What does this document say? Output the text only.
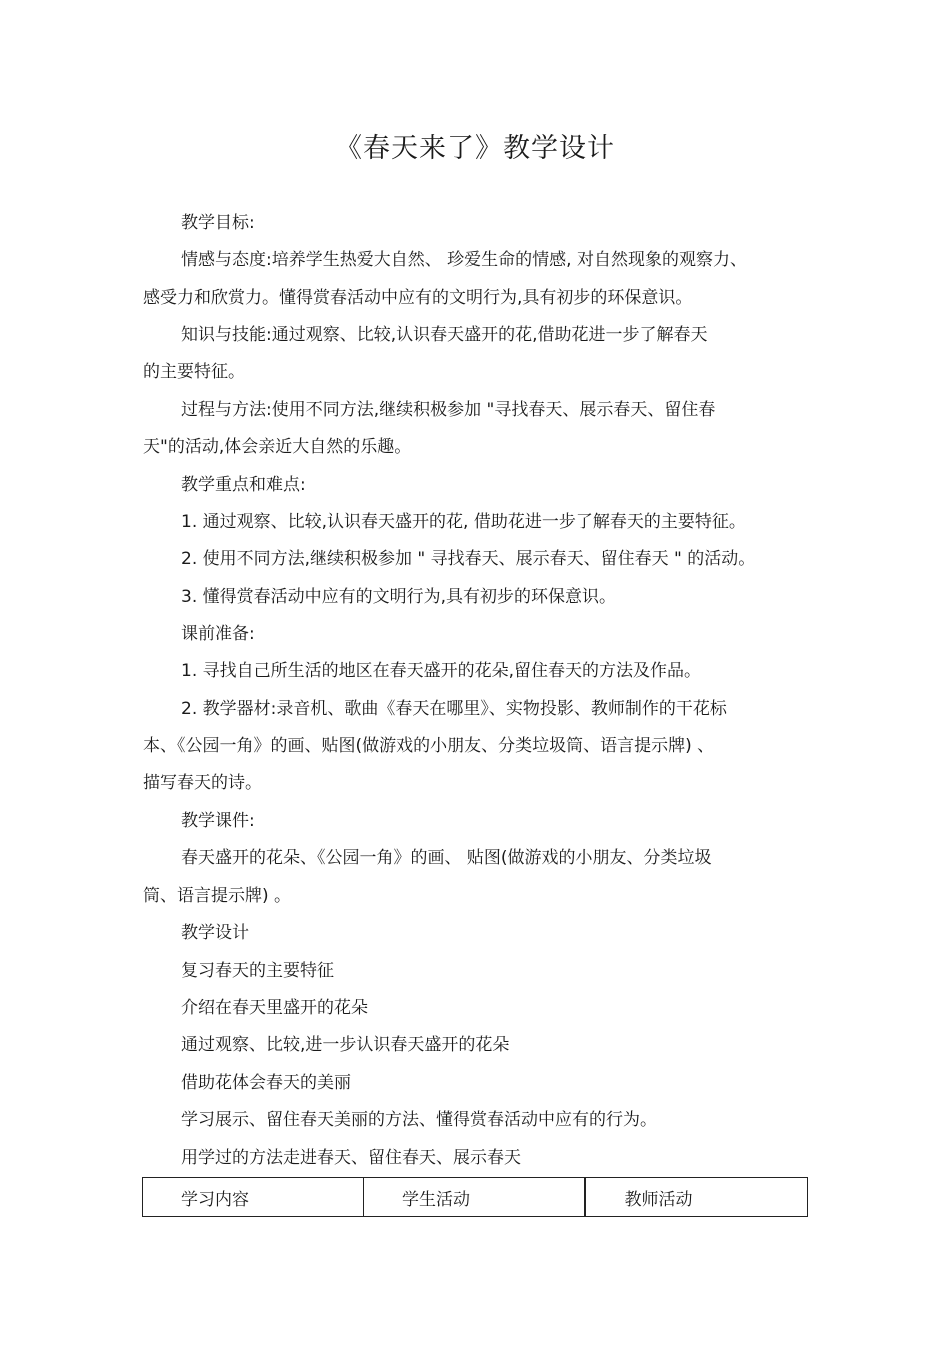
《春天来了》教学设计
教学目标:
情感与态度:培养学生热爱大自然、 珍爱生命的情感, 对自然现象的观察力、
感受力和欣赏力。懂得赏春活动中应有的文明行为,具有初步的环保意识。
知识与技能:通过观察、比较,认识春天盛开的花,借助花进一步了解春天
的主要特征。
过程与方法:使用不同方法,继续积极参加 "寻找春天、展示春天、留住春
天"的活动,体会亲近大自然的乐趣。
教学重点和难点:
1. 通过观察、比较,认识春天盛开的花, 借助花进一步了解春天的主要特征。
2. 使用不同方法,继续积极参加 " 寻找春天、展示春天、留住春天 " 的活动。
3. 懂得赏春活动中应有的文明行为,具有初步的环保意识。
课前准备:
1. 寻找自己所生活的地区在春天盛开的花朵,留住春天的方法及作品。
2. 教学器材:录音机、歌曲《春天在哪里》、实物投影、教师制作的干花标
本、《公园一角》的画、贴图(做游戏的小朋友、分类垃圾筒、语言提示牌) 、
描写春天的诗。
教学课件:
春天盛开的花朵、《公园一角》的画、 贴图(做游戏的小朋友、分类垃圾
筒、语言提示牌) 。
教学设计
复习春天的主要特征
介绍在春天里盛开的花朵
通过观察、比较,进一步认识春天盛开的花朵
借助花体会春天的美丽
学习展示、留住春天美丽的方法、懂得赏春活动中应有的行为。
用学过的方法走进春天、留住春天、展示春天
学习内容	学生活动	教师活动
